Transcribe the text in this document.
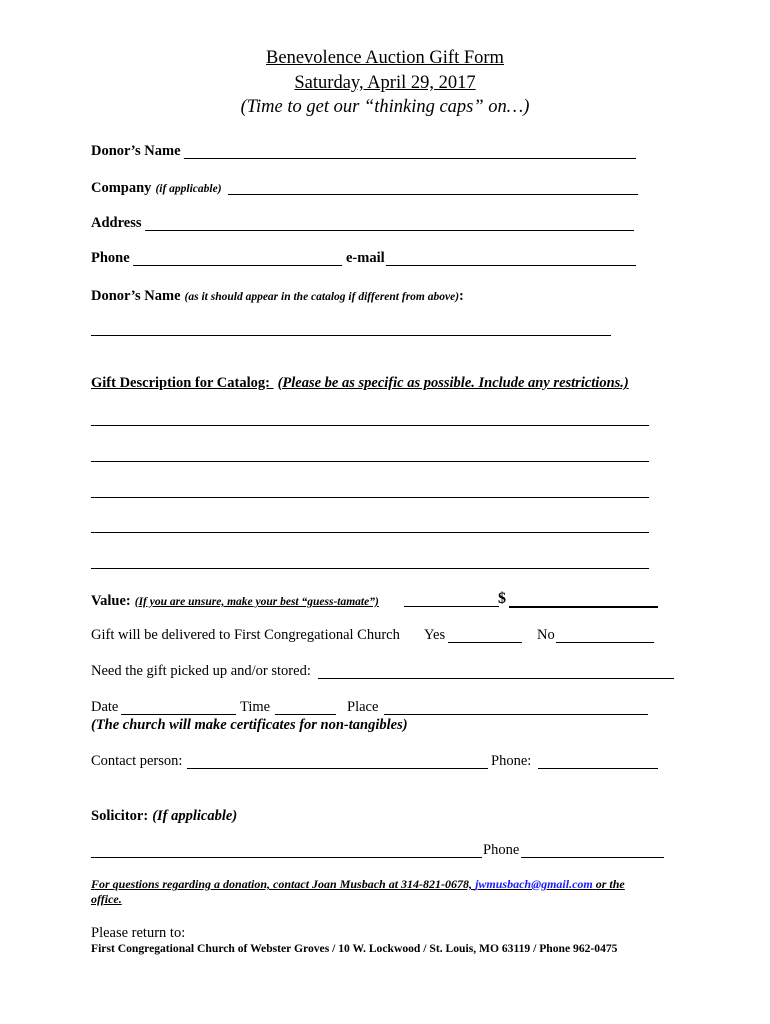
Benevolence Auction Gift Form
Saturday, April 29, 2017
(Time to get our “thinking caps” on…)
Donor’s Name
Company (if applicable)
Address
Phone	e-mail
Donor’s Name (as it should appear in the catalog if different from above):
Gift Description for Catalog: (Please be as specific as possible. Include any restrictions.)
Value: (If you are unsure, make your best “guess-tamate”)	$
Gift will be delivered to First Congregational Church Yes	No
Need the gift picked up and/or stored:
Date	Time	Place
(The church will make certificates for non-tangibles)
Contact person:	Phone:
Solicitor: (If applicable)
Phone
For questions regarding a donation, contact Joan Musbach at 314-821-0678, jwmusbach@gmail.com or the
office.
Please return to:
First Congregational Church of Webster Groves / 10 W. Lockwood / St. Louis, MO 63119 / Phone 962-0475
